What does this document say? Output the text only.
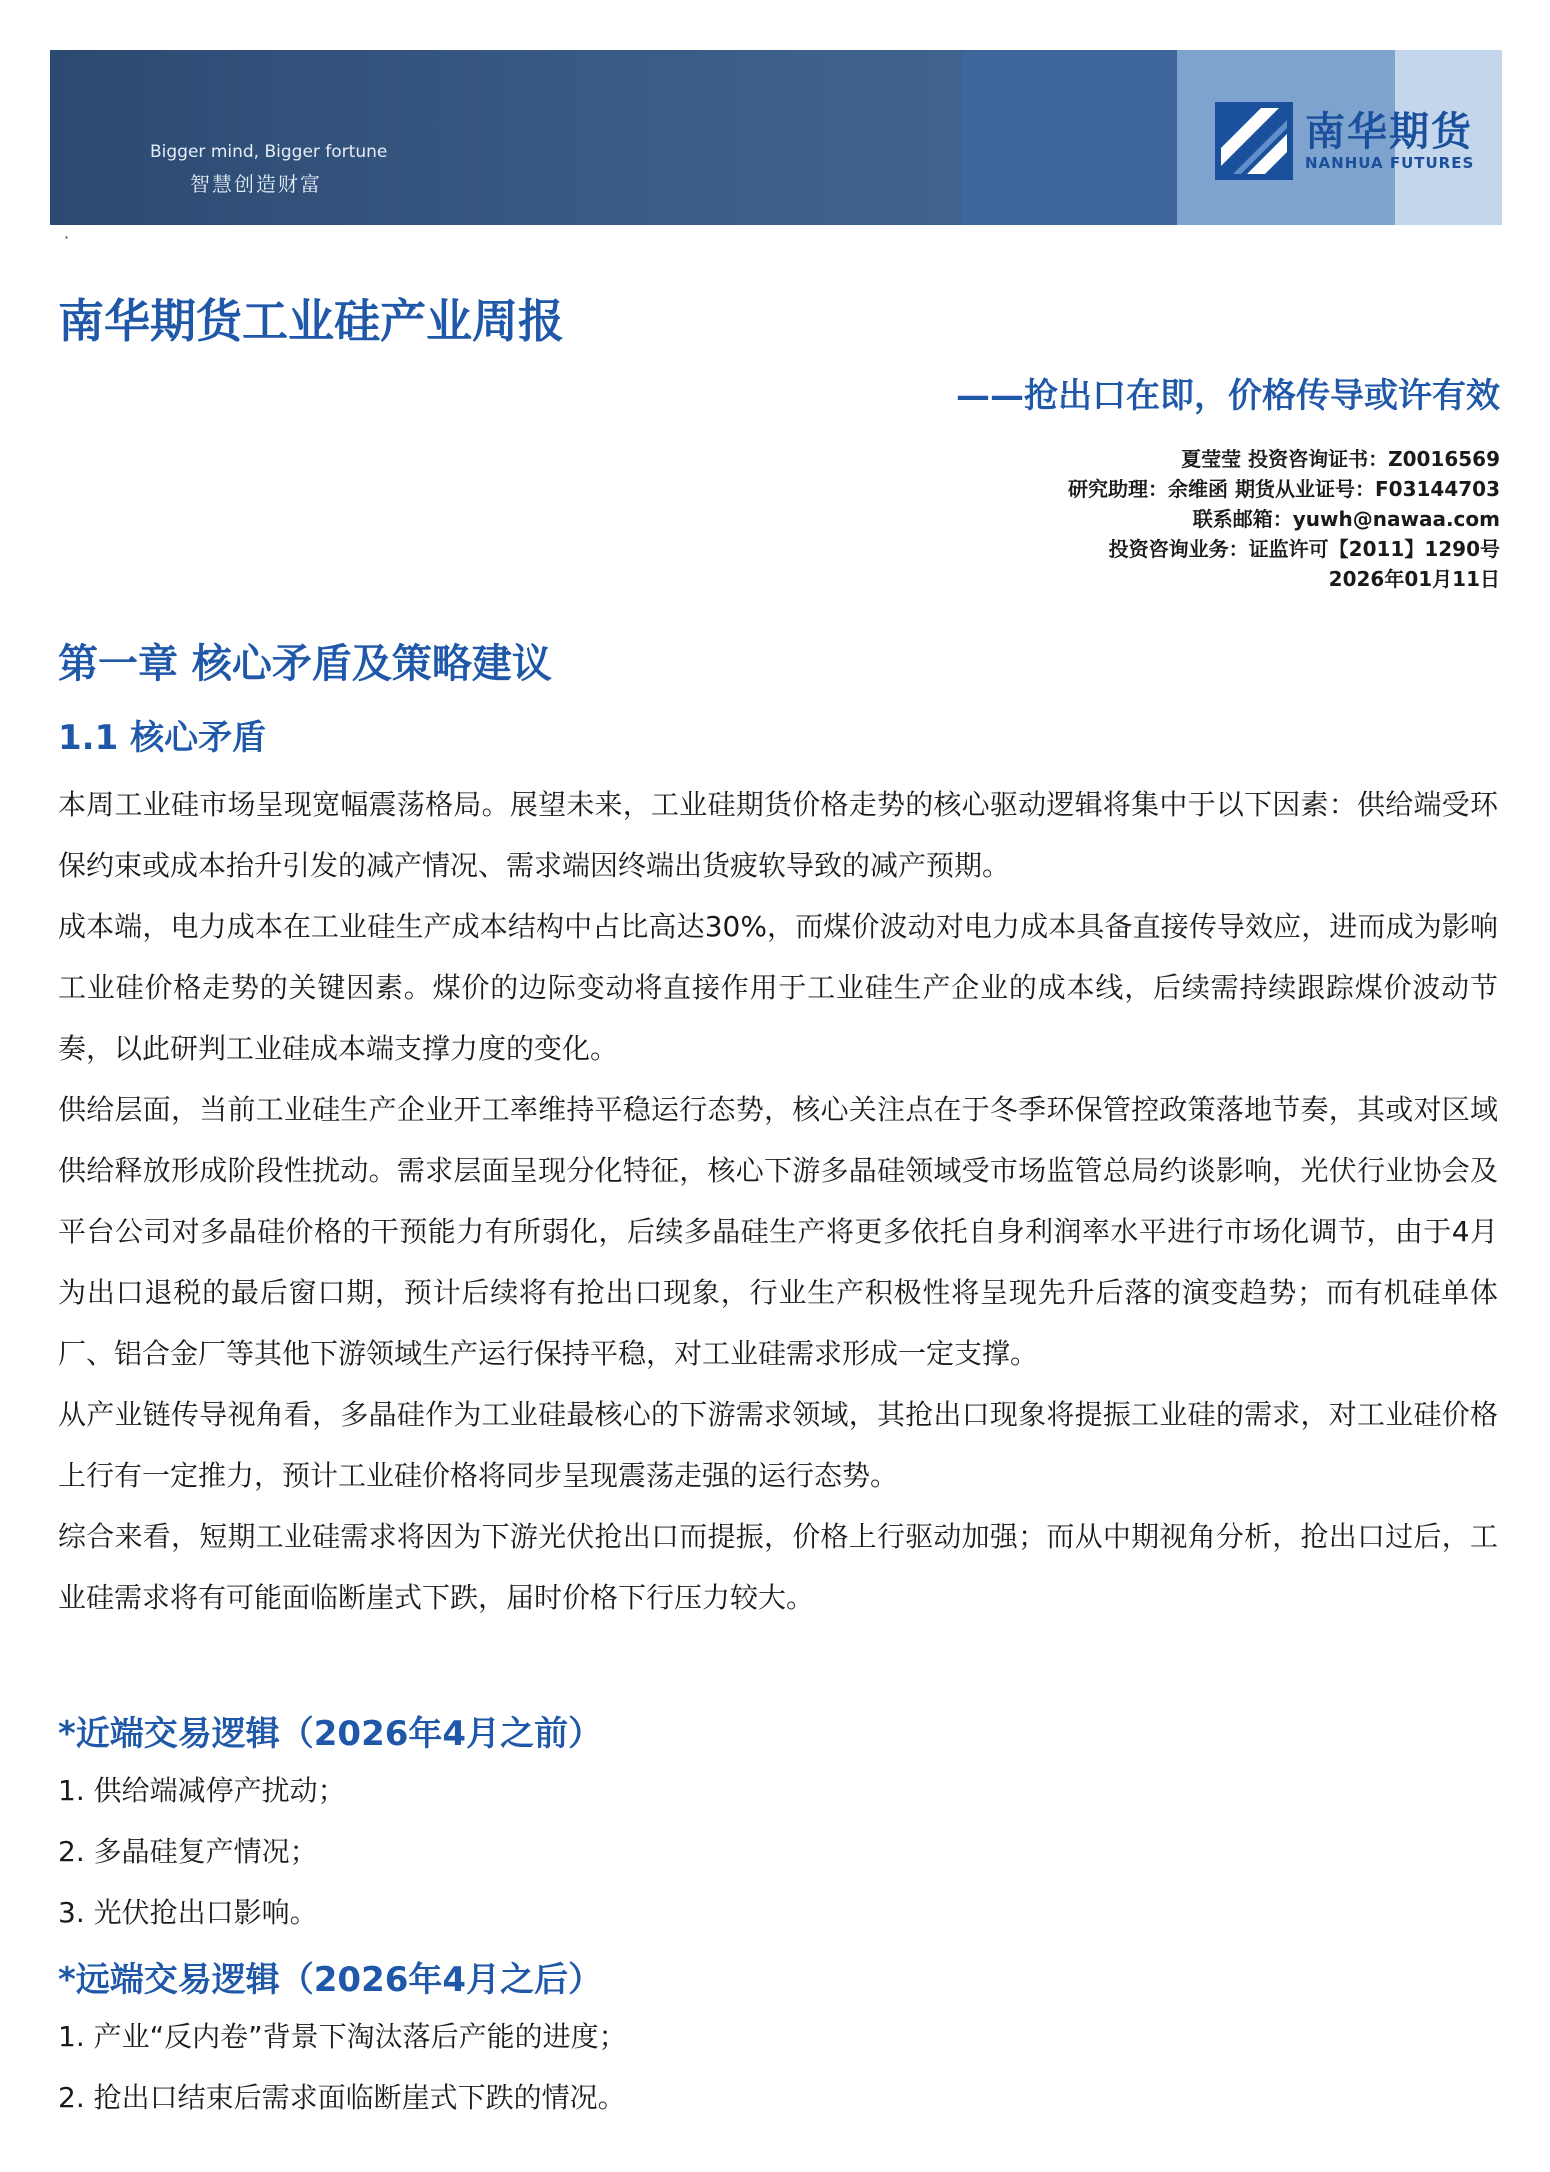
Bigger mind, Bigger fortune
智慧创造财富
南华期货
NANHUA FUTURES
·
南华期货工业硅产业周报
——抢出口在即，价格传导或许有效
夏莹莹 投资咨询证书：Z0016569
研究助理：余维函 期货从业证号：F03144703
联系邮箱：yuwh@nawaa.com
投资咨询业务：证监许可【2011】1290号
2026年01月11日
第一章 核心矛盾及策略建议
1.1 核心矛盾

本周工业硅市场呈现宽幅震荡格局。展望未来，工业硅期货价格走势的核心驱动逻辑将集中于以下因素：供给端受环保约束或成本抬升引发的减产情况、需求端因终端出货疲软导致的减产预期。

成本端，电力成本在工业硅生产成本结构中占比高达30%，而煤价波动对电力成本具备直接传导效应，进而成为影响工业硅价格走势的关键因素。煤价的边际变动将直接作用于工业硅生产企业的成本线，后续需持续跟踪煤价波动节奏，以此研判工业硅成本端支撑力度的变化。

供给层面，当前工业硅生产企业开工率维持平稳运行态势，核心关注点在于冬季环保管控政策落地节奏，其或对区域供给释放形成阶段性扰动。需求层面呈现分化特征，核心下游多晶硅领域受市场监管总局约谈影响，光伏行业协会及平台公司对多晶硅价格的干预能力有所弱化，后续多晶硅生产将更多依托自身利润率水平进行市场化调节，由于4月为出口退税的最后窗口期，预计后续将有抢出口现象，行业生产积极性将呈现先升后落的演变趋势；而有机硅单体厂、铝合金厂等其他下游领域生产运行保持平稳，对工业硅需求形成一定支撑。

从产业链传导视角看，多晶硅作为工业硅最核心的下游需求领域，其抢出口现象将提振工业硅的需求，对工业硅价格上行有一定推力，预计工业硅价格将同步呈现震荡走强的运行态势。

综合来看，短期工业硅需求将因为下游光伏抢出口而提振，价格上行驱动加强；而从中期视角分析，抢出口过后，工业硅需求将有可能面临断崖式下跌，届时价格下行压力较大。

*近端交易逻辑（2026年4月之前）
1. 供给端减停产扰动；
2. 多晶硅复产情况；
3. 光伏抢出口影响。
*远端交易逻辑（2026年4月之后）
1. 产业“反内卷”背景下淘汰落后产能的进度；
2. 抢出口结束后需求面临断崖式下跌的情况。
